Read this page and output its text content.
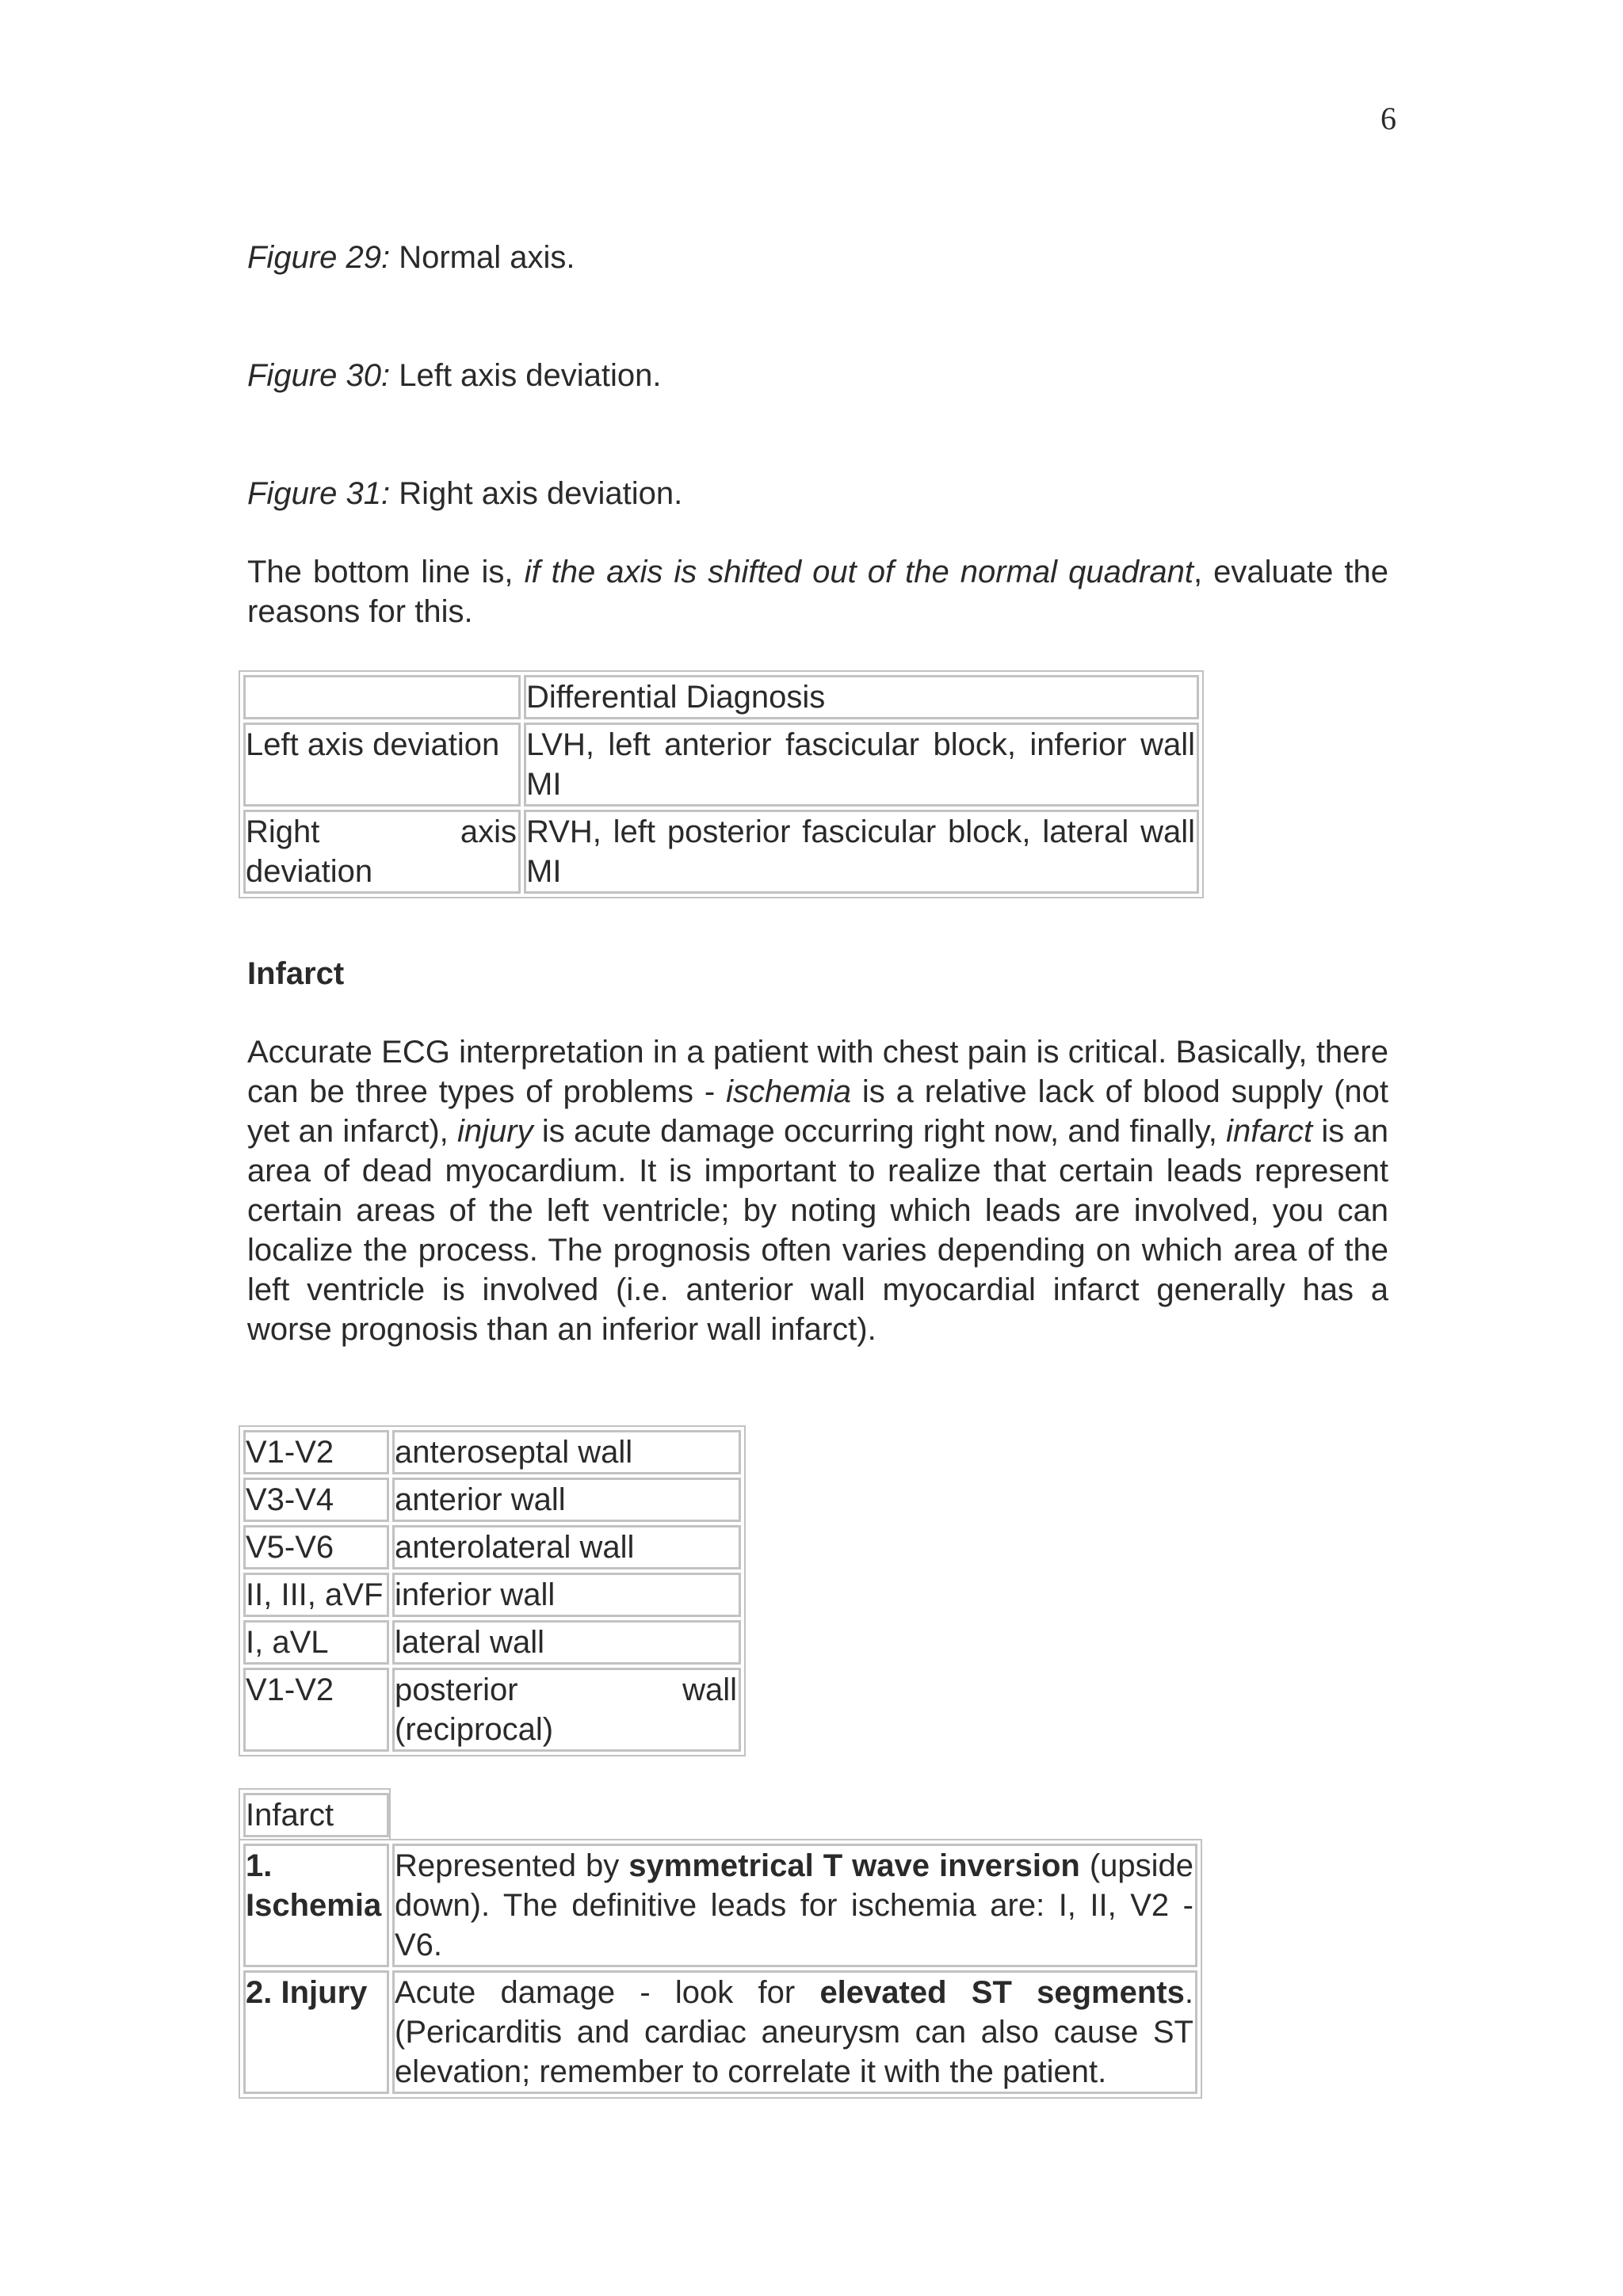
6
Figure 29: Normal axis.
Figure 30: Left axis deviation.
Figure 31: Right axis deviation.
The bottom line is, if the axis is shifted out of the normal quadrant, evaluate the reasons for this.
	Differential Diagnosis
Left axis deviation	LVH, left anterior fascicular block, inferior wall MI

Right axis
deviation	RVH, left posterior fascicular block, lateral wall MI
Infarct
Accurate ECG interpretation in a patient with chest pain is critical. Basically, there can be three types of problems - ischemia is a relative lack of blood supply (not yet an infarct), injury is acute damage occurring right now, and finally, infarct is an area of dead myocardium. It is important to realize that certain leads represent certain areas of the left ventricle; by noting which leads are involved, you can localize the process. The prognosis often varies depending on which area of the left ventricle is involved (i.e. anterior wall myocardial infarct generally has a worse prognosis than an inferior wall infarct).
V1-V2	anteroseptal wall
V3-V4	anterior wall
V5-V6	anterolateral wall
II, III, aVF	inferior wall
I, aVL	lateral wall
V1-V2	posterior wall
(reciprocal)
Infarct
1. Ischemia	Represented by symmetrical T wave inversion (upside down). The definitive leads for ischemia are: I, II, V2 - V6.
2. Injury	Acute damage - look for elevated ST segments. (Pericarditis and cardiac aneurysm can also cause ST elevation; remember to correlate it with the patient.
